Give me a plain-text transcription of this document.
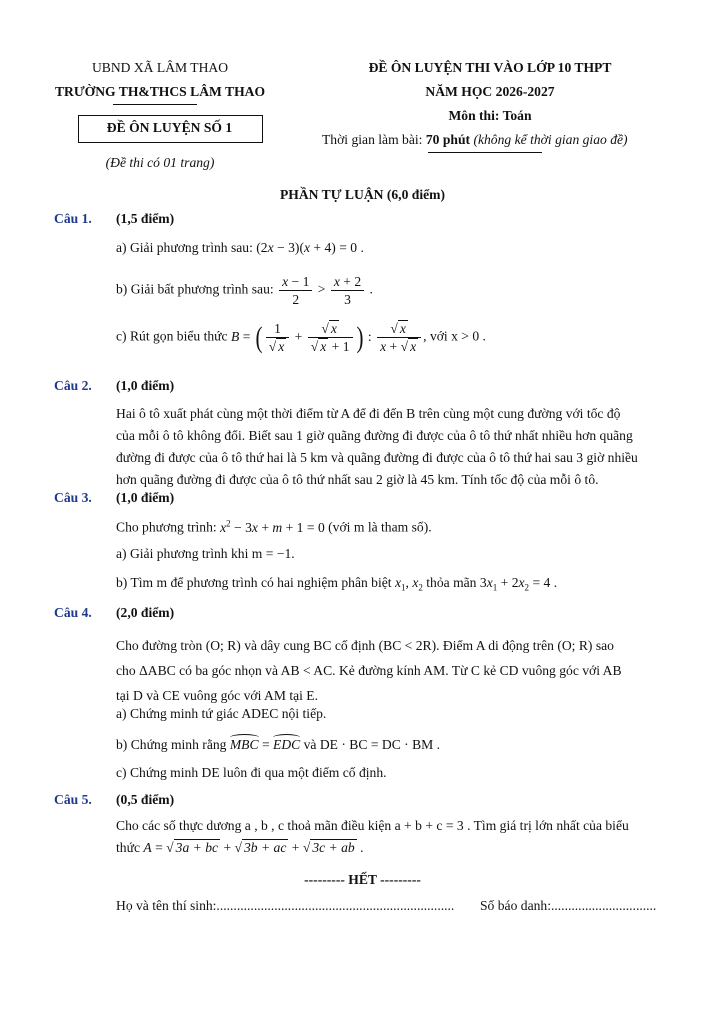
UBND XÃ LÂM THAO
TRƯỜNG TH&THCS LÂM THAO
ĐỀ ÔN LUYỆN SỐ 1
(Đề thi có 01 trang)
ĐỀ ÔN LUYỆN THI VÀO LỚP 10 THPT
NĂM HỌC 2026-2027
Môn thi: Toán
Thời gian làm bài: 70 phút (không kể thời gian giao đề)
PHẦN TỰ LUẬN (6,0 điểm)
Câu 1. (1,5 điểm)
a) Giải phương trình sau: (2x − 3)(x + 4) = 0 .
b) Giải bất phương trình sau: $\frac{x - 1}{2} > \frac{x + 2}{3}$ .
c) Rút gọn biểu thức B = ( $\frac{1}{√ x} + \frac{√ x}{√ x + 1}$ ) : $\frac{√ x}{x + √ x}$ , với x > 0 .
Câu 2. (1,0 điểm)
Hai ô tô xuất phát cùng một thời điểm từ A để đi đến B trên cùng một cung đường với tốc độ
của mỗi ô tô không đổi. Biết sau 1 giờ quãng đường đi được của ô tô thứ nhất nhiều hơn quãng
đường đi được của ô tô thứ hai là 5 km và quãng đường đi được của ô tô thứ hai sau 3 giờ nhiều
hơn quãng đường đi được của ô tô thứ nhất sau 2 giờ là 45 km. Tính tốc độ của mỗi ô tô.
Câu 3. (1,0 điểm)
Cho phương trình: $x^2 - 3x + m + 1 = 0$ (với m là tham số).
a) Giải phương trình khi m = −1.
b) Tìm m để phương trình có hai nghiệm phân biệt $x_1$, $x_2$ thỏa mãn $3x_1 + 2x_2 = 4$ .
Câu 4. (2,0 điểm)
Cho đường tròn (O; R) và dây cung BC cố định (BC < 2R). Điểm A di động trên (O; R) sao
cho ΔABC có ba góc nhọn và AB < AC. Kẻ đường kính AM. Từ C kẻ CD vuông góc với AB
tại D và CE vuông góc với AM tại E.
a) Chứng minh tứ giác ADEC nội tiếp.
b) Chứng minh rằng MBC = EDC và DE · BC = DC · BM .
c) Chứng minh DE luôn đi qua một điểm cố định.
Câu 5. (0,5 điểm)
Cho các số thực dương a , b , c thoả mãn điều kiện a + b + c = 3 . Tìm giá trị lớn nhất của biểu
thức A = √ 3a + bc + √ 3b + ac + √ 3c + ab .
--------- HẾT ---------
Họ và tên thí sinh:...................................................................... Số báo danh:...............................
